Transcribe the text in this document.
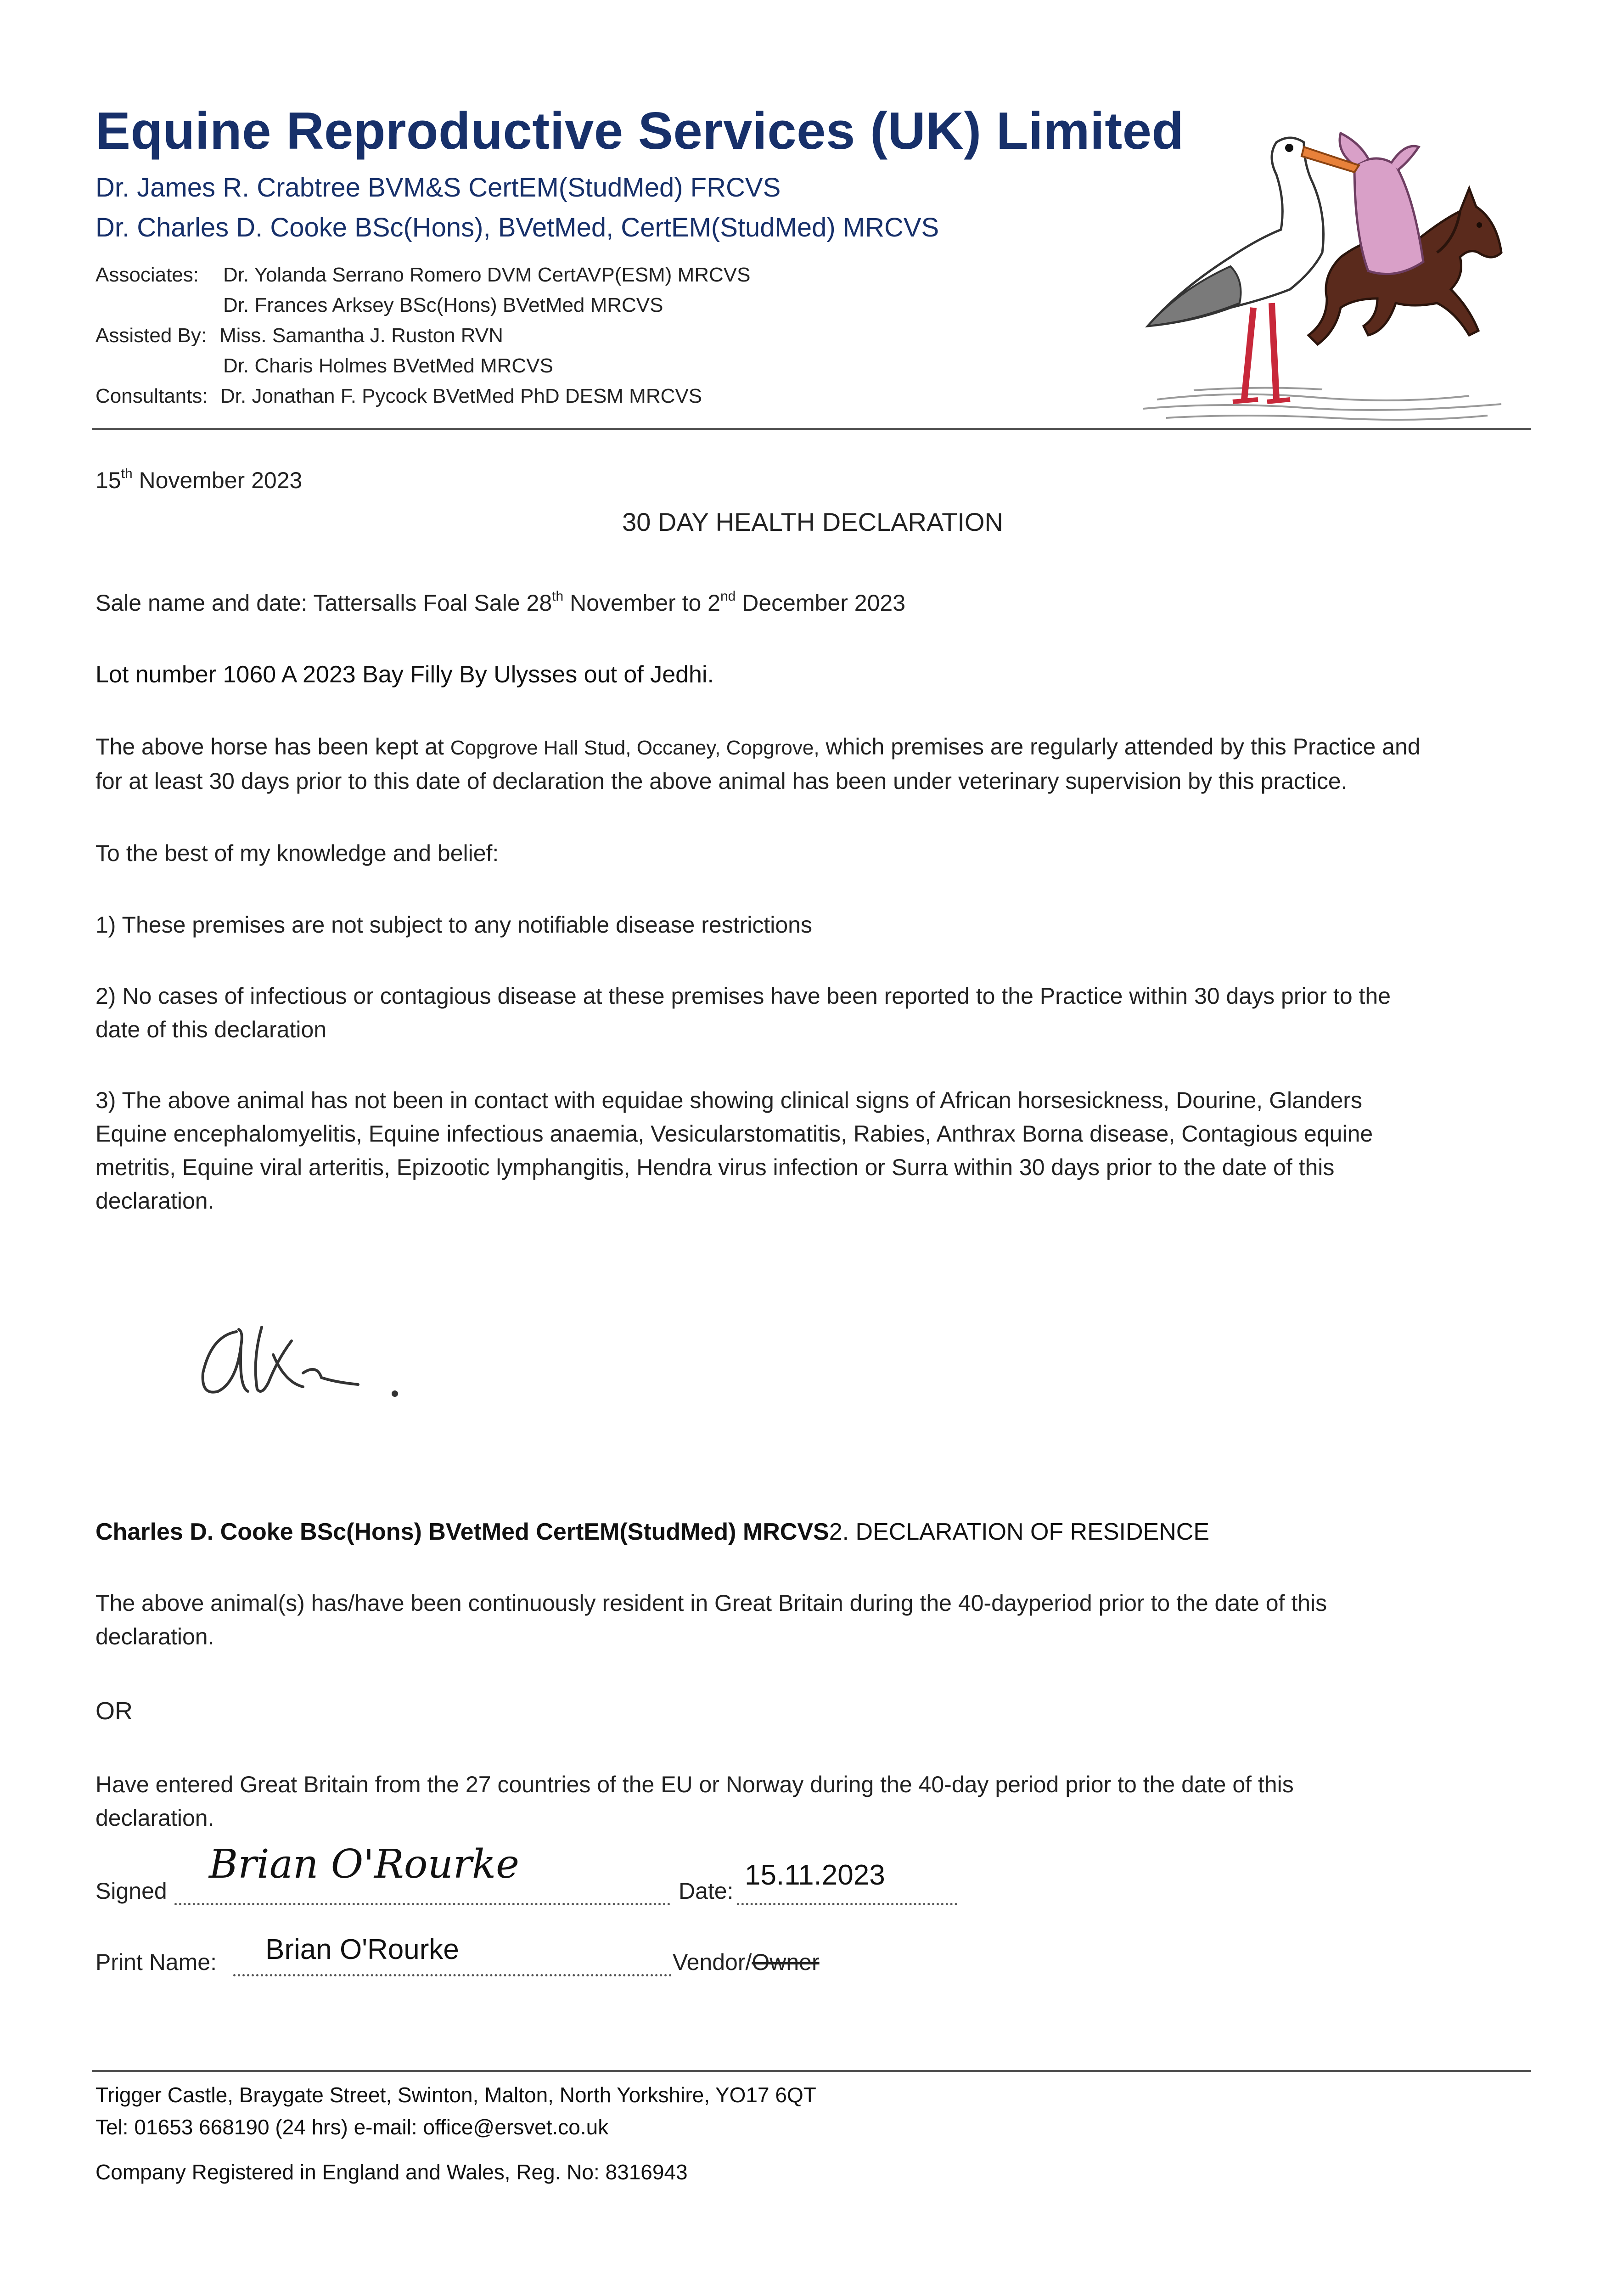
Equine Reproductive Services (UK) Limited
Dr. James R. Crabtree BVM&S CertEM(StudMed) FRCVS
Dr. Charles D. Cooke BSc(Hons), BVetMed, CertEM(StudMed) MRCVS
Associates: Dr. Yolanda Serrano Romero DVM CertAVP(ESM) MRCVS
Dr. Frances Arksey BSc(Hons) BVetMed MRCVS
Assisted By: Miss. Samantha J. Ruston RVN
Dr. Charis Holmes BVetMed MRCVS
Consultants: Dr. Jonathan F. Pycock BVetMed PhD DESM MRCVS
15th November 2023
30 DAY HEALTH DECLARATION
Sale name and date: Tattersalls Foal Sale 28th November to 2nd December 2023
Lot number 1060 A 2023 Bay Filly By Ulysses out of Jedhi.
The above horse has been kept at Copgrove Hall Stud, Occaney, Copgrove, which premises are regularly attended by this Practice and
for at least 30 days prior to this date of declaration the above animal has been under veterinary supervision by this practice.
To the best of my knowledge and belief:
1) These premises are not subject to any notifiable disease restrictions
2) No cases of infectious or contagious disease at these premises have been reported to the Practice within 30 days prior to the
date of this declaration
3) The above animal has not been in contact with equidae showing clinical signs of African horsesickness, Dourine, Glanders
Equine encephalomyelitis, Equine infectious anaemia, Vesicularstomatitis, Rabies, Anthrax Borna disease, Contagious equine
metritis, Equine viral arteritis, Epizootic lymphangitis, Hendra virus infection or Surra within 30 days prior to the date of this
declaration.
Charles D. Cooke BSc(Hons) BVetMed CertEM(StudMed) MRCVS2. DECLARATION OF RESIDENCE
The above animal(s) has/have been continuously resident in Great Britain during the 40-dayperiod prior to the date of this
declaration.
OR
Have entered Great Britain from the 27 countries of the EU or Norway during the 40-day period prior to the date of this
declaration.
Signed
Brian O'Rourke
Date: 15.11.2023
Print Name:	Brian O'Rourke	Vendor/Owner
Trigger Castle, Braygate Street, Swinton, Malton, North Yorkshire, YO17 6QT
Tel: 01653 668190 (24 hrs) e-mail: office@ersvet.co.uk
Company Registered in England and Wales, Reg. No: 8316943
